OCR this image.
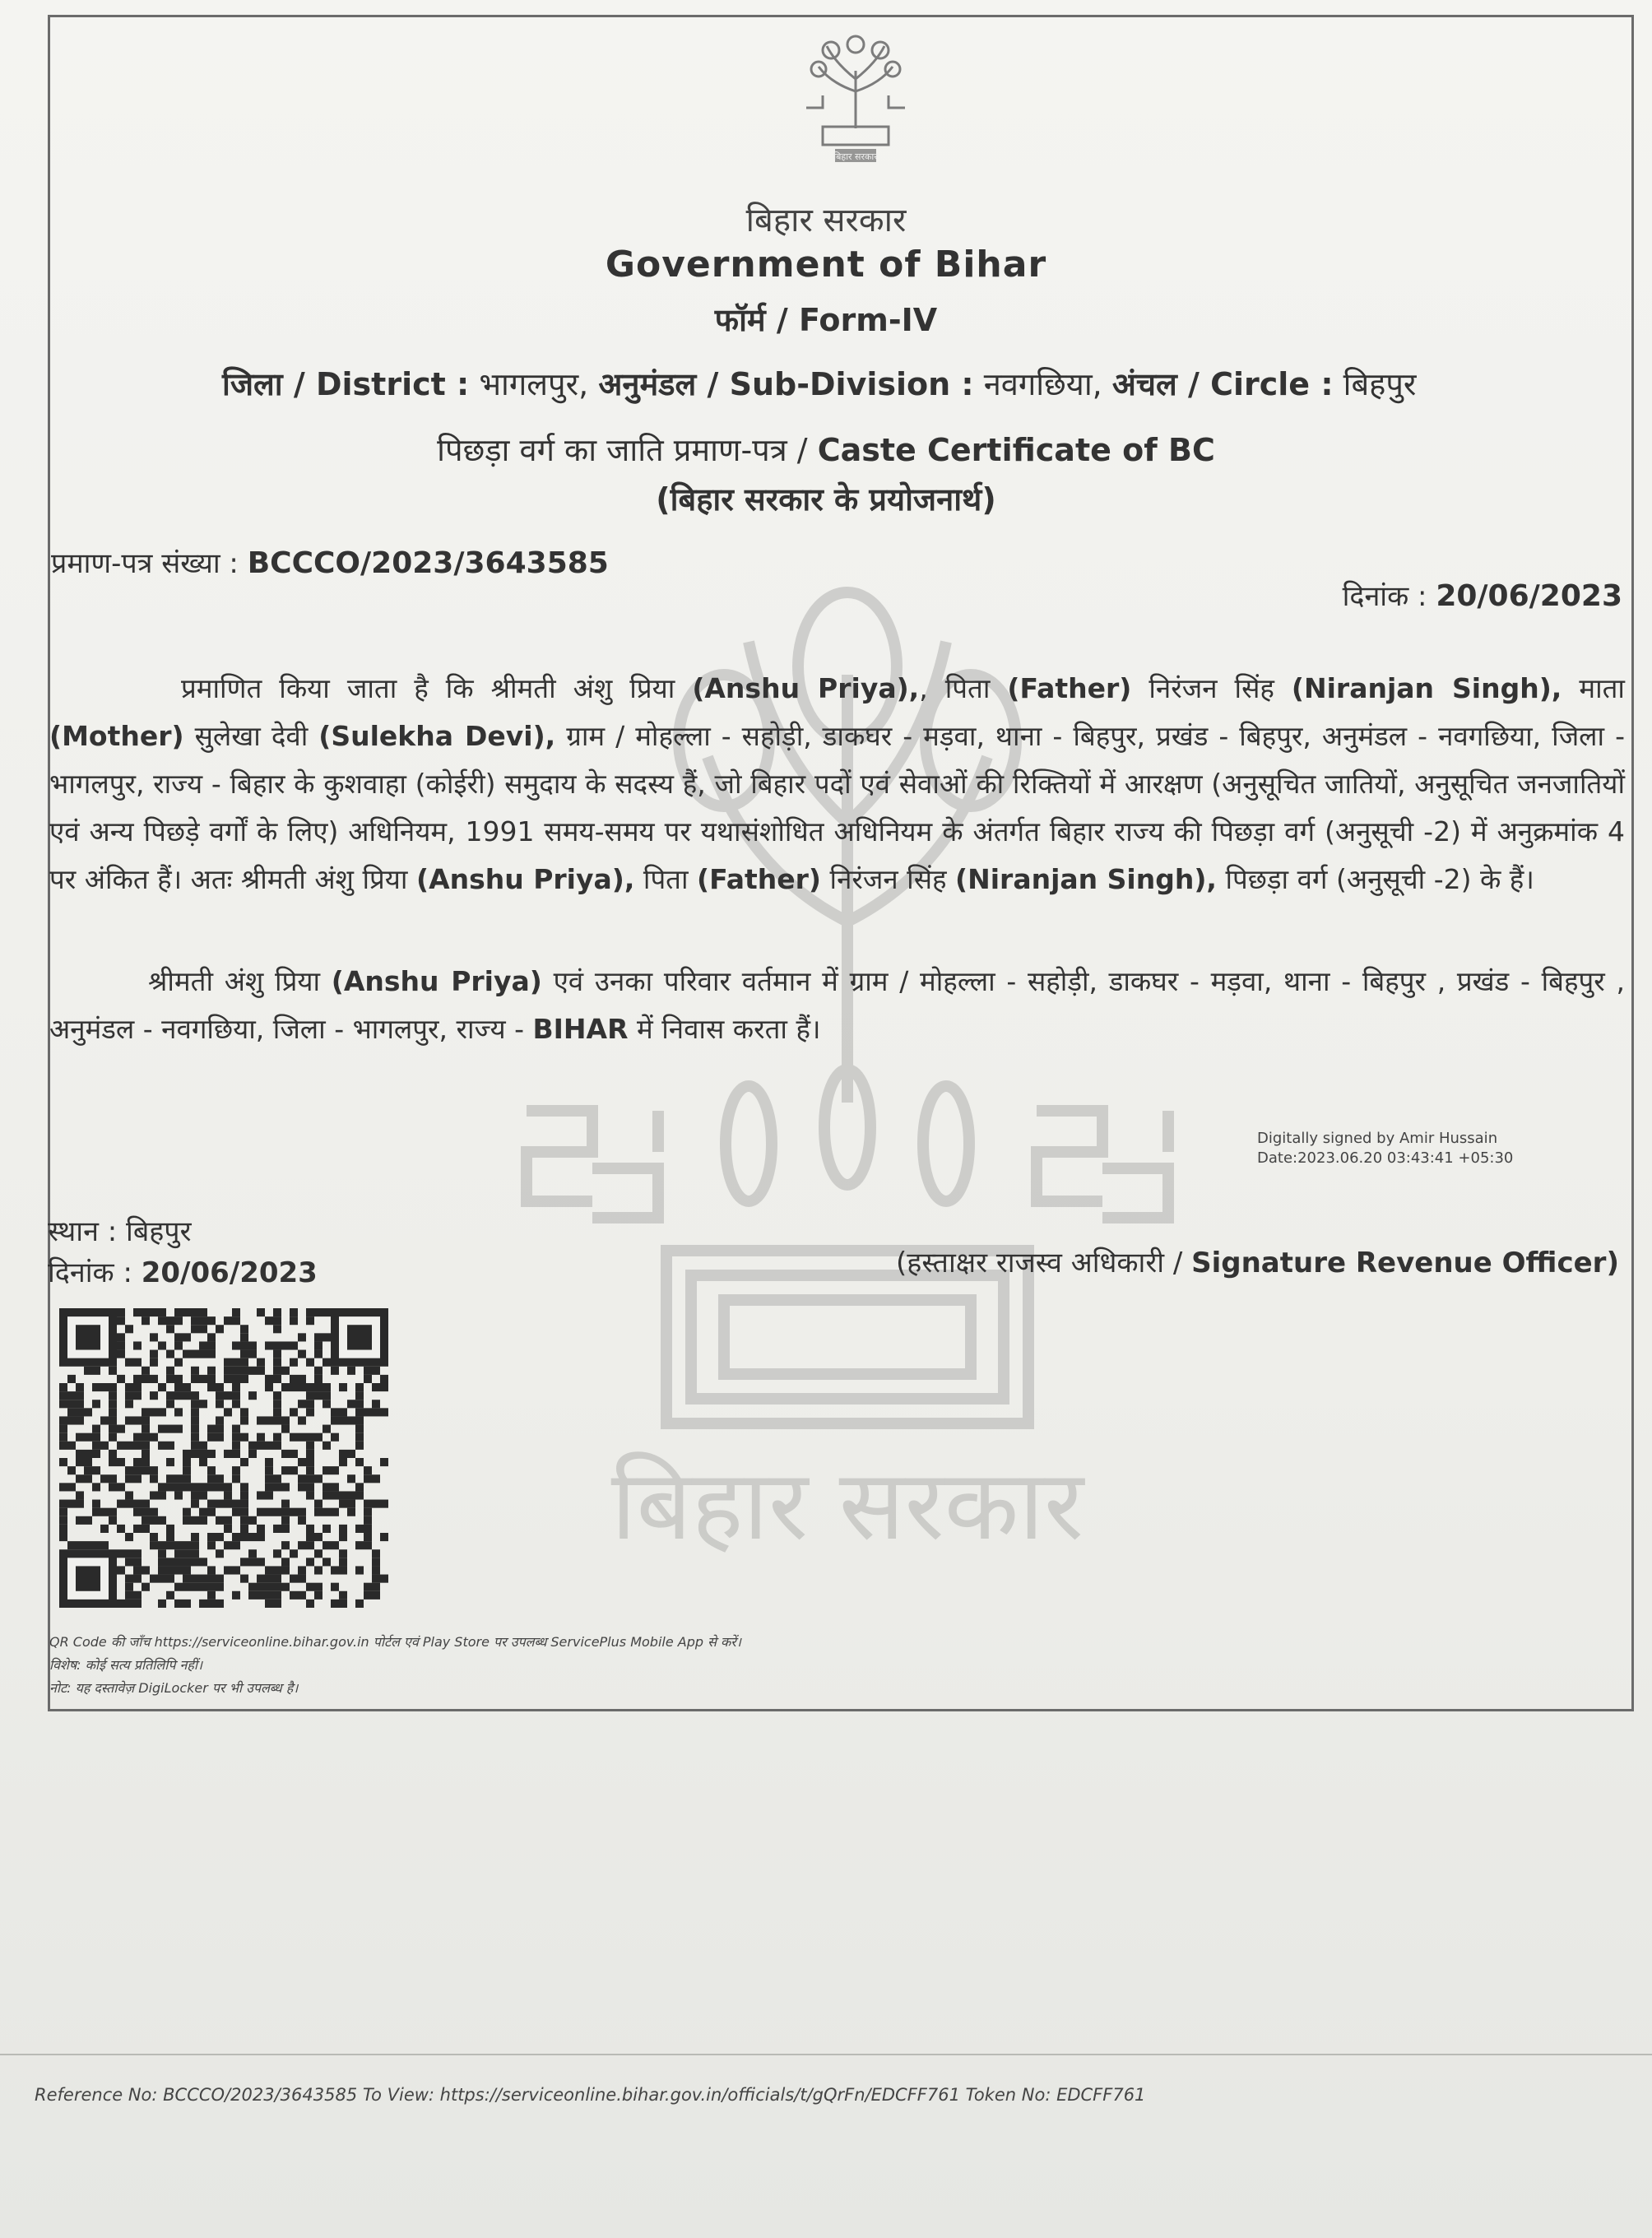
बिहार सरकार
बिहार सरकार
Government of Bihar
फॉर्म / Form-IV
जिला / District : भागलपुर, अनुमंडल / Sub-Division : नवगछिया, अंचल / Circle : बिहपुर
पिछड़ा वर्ग का जाति प्रमाण-पत्र / Caste Certificate of BC
(बिहार सरकार के प्रयोजनार्थ)
प्रमाण-पत्र संख्या : BCCCO/2023/3643585
दिनांक : 20/06/2023
बिहार सरकार
प्रमाणित किया जाता है कि श्रीमती अंशु प्रिया (Anshu Priya),, पिता (Father) निरंजन सिंह (Niranjan Singh), माता (Mother) सुलेखा देवी (Sulekha Devi), ग्राम / मोहल्ला - सहोड़ी, डाकघर - मड़वा, थाना - बिहपुर, प्रखंड - बिहपुर, अनुमंडल - नवगछिया, जिला - भागलपुर, राज्य - बिहार के कुशवाहा (कोईरी) समुदाय के सदस्य हैं, जो बिहार पदों एवं सेवाओं की रिक्तियों में आरक्षण (अनुसूचित जातियों, अनुसूचित जनजातियों एवं अन्य पिछड़े वर्गों के लिए) अधिनियम, 1991 समय-समय पर यथासंशोधित अधिनियम के अंतर्गत बिहार राज्य की पिछड़ा वर्ग (अनुसूची -2) में अनुक्रमांक 4 पर अंकित हैं। अतः श्रीमती अंशु प्रिया (Anshu Priya), पिता (Father) निरंजन सिंह (Niranjan Singh), पिछड़ा वर्ग (अनुसूची -2) के हैं।
श्रीमती अंशु प्रिया (Anshu Priya) एवं उनका परिवार वर्तमान में ग्राम / मोहल्ला - सहोड़ी, डाकघर - मड़वा, थाना - बिहपुर , प्रखंड - बिहपुर , अनुमंडल - नवगछिया, जिला - भागलपुर, राज्य - BIHAR में निवास करता हैं।
Digitally signed by Amir Hussain
Date:2023.06.20 03:43:41 +05:30
स्थान : बिहपुर
दिनांक : 20/06/2023	(हस्ताक्षर राजस्व अधिकारी / Signature Revenue Officer)
QR Code की जाँच https://serviceonline.bihar.gov.in पोर्टल एवं Play Store पर उपलब्ध ServicePlus Mobile App से करें।
विशेष: कोई सत्य प्रतिलिपि नहीं।
नोट: यह दस्तावेज़ DigiLocker पर भी उपलब्ध है।
Reference No: BCCCO/2023/3643585 To View: https://serviceonline.bihar.gov.in/officials/t/gQrFn/EDCFF761 Token No: EDCFF761
